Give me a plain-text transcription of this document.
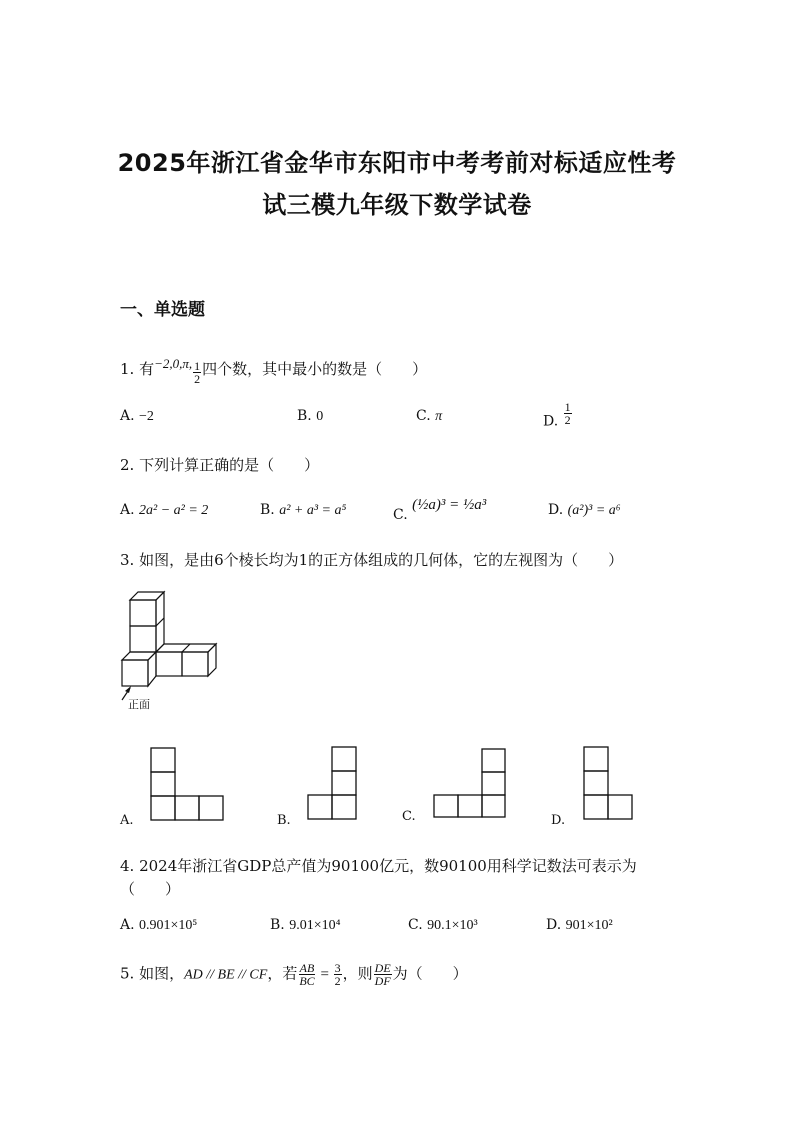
2025年浙江省金华市东阳市中考考前对标适应性考
试三模九年级下数学试卷
一、单选题
1. 有−2,0,π, $\frac{1}{2}$ 四个数，其中最小的数是（　　）
A. −2	B. 0	C. π	D. $\frac{1}{2}$
2. 下列计算正确的是（　　）
A. 2a² − a² = 2	B. a² + a³ = a⁵	C. (½a)³ = ½a³	D. (a²)³ = a⁶
3. 如图，是由6个棱长均为1的正方体组成的几何体，它的左视图为（　　）
正面
A.	B.	C.	D.
4. 2024年浙江省GDP总产值为90100亿元，数90100用科学记数法可表示为
（　　）
A. 0.901×10⁵	B. 9.01×10⁴	C. 90.1×10³	D. 901×10²
5. 如图，AD // BE // CF，若 $\frac{AB}{BC} = \frac{3}{2}$ ，则 $\frac{DE}{DF}$ 为（　　）
